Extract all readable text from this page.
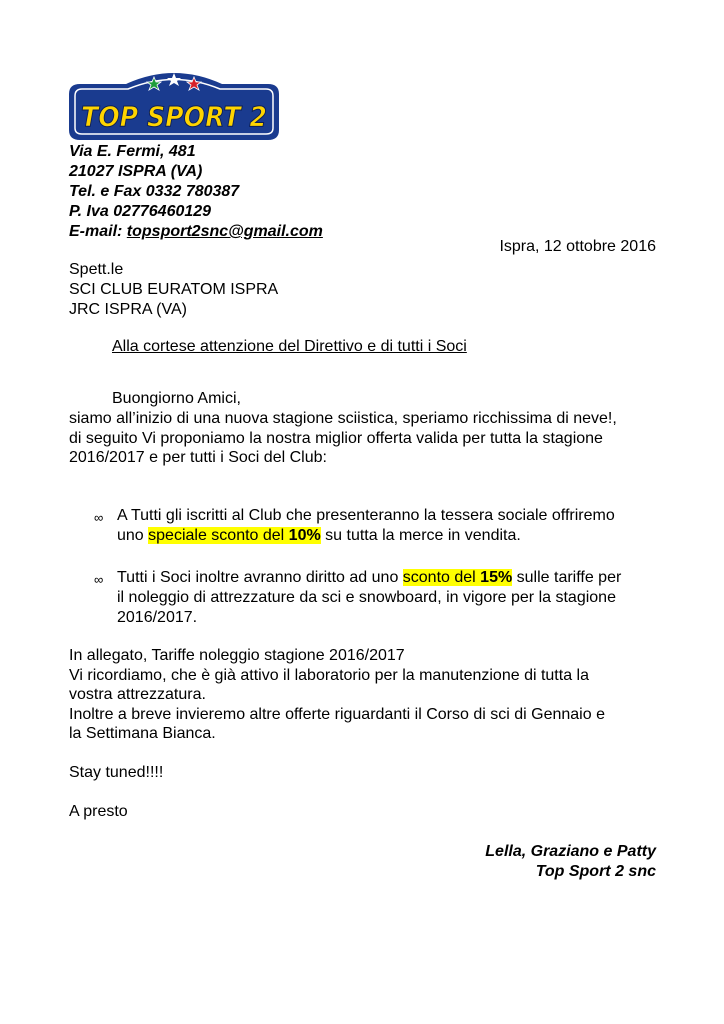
TOP SPORT 2
Via E. Fermi, 481
21027 ISPRA (VA)
Tel. e Fax 0332 780387
P. Iva 02776460129
E-mail: topsport2snc@gmail.com
Ispra, 12 ottobre 2016
Spett.le
SCI CLUB EURATOM ISPRA
JRC ISPRA (VA)
Alla cortese attenzione del Direttivo e di tutti i Soci
Buongiorno Amici,
siamo all’inizio di una nuova stagione sciistica, speriamo ricchissima di neve!,
di seguito Vi proponiamo la nostra miglior offerta valida per tutta la stagione
2016/2017 e per tutti i Soci del Club:
∞ A Tutti gli iscritti al Club che presenteranno la tessera sociale offriremo
uno speciale sconto del 10% su tutta la merce in vendita.
∞ Tutti i Soci inoltre avranno diritto ad uno sconto del 15% sulle tariffe per
il noleggio di attrezzature da sci e snowboard, in vigore per la stagione
2016/2017.
In allegato, Tariffe noleggio stagione 2016/2017
Vi ricordiamo, che è già attivo il laboratorio per la manutenzione di tutta la
vostra attrezzatura.
Inoltre a breve invieremo altre offerte riguardanti il Corso di sci di Gennaio e
la Settimana Bianca.
Stay tuned!!!!
A presto
Lella, Graziano e Patty
Top Sport 2 snc
